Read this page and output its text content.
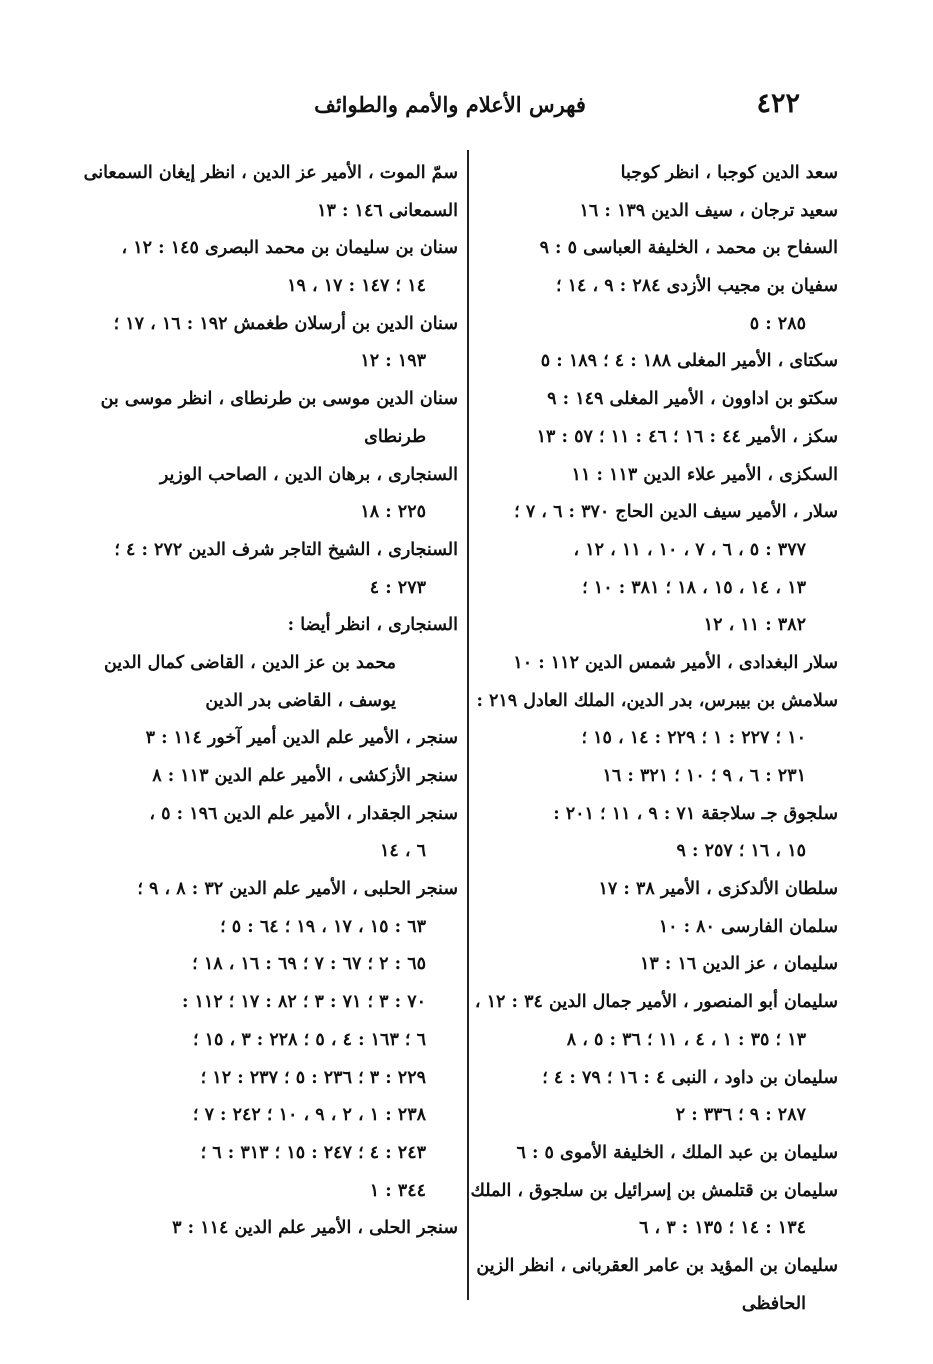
٤٢٢
فهرس الأعلام والأمم والطوائف
سعد الدين كوجبا ، انظر كوجبا
سعيد ترجان ، سيف الدين ١٣٩ : ١٦
السفاح بن محمد ، الخليفة العباسى ٥ : ٩
سفيان بن مجيب الأزدى ٢٨٤ : ٩ ، ١٤ ؛
٢٨٥ : ٥
سكتاى ، الأمير المغلى ١٨٨ : ٤ ؛ ١٨٩ : ٥
سكتو بن اداوون ، الأمير المغلى ١٤٩ : ٩
سكز ، الأمير ٤٤ : ١٦ ؛ ٤٦ : ١١ ؛ ٥٧ : ١٣
السكزى ، الأمير علاء الدين ١١٣ : ١١
سلار ، الأمير سيف الدين الحاج ٣٧٠ : ٦ ، ٧ ؛
٣٧٧ : ٥ ، ٦ ، ٧ ، ١٠ ، ١١ ، ١٢ ،
١٣ ، ١٤ ، ١٥ ، ١٨ ؛ ٣٨١ : ١٠ ؛
٣٨٢ : ١١ ، ١٢
سلار البغدادى ، الأمير شمس الدين ١١٢ : ١٠
سلامش بن بيبرس، بدر الدين، الملك العادل ٢١٩ :
١٠ ؛ ٢٢٧ : ١ ؛ ٢٢٩ : ١٤ ، ١٥ ؛
٢٣١ : ٦ ، ٩ ؛ ١٠ ؛ ٣٢١ : ١٦
سلجوق جـ سلاجقة ٧١ : ٩ ، ١١ ؛ ٢٠١ :
١٥ ، ١٦ ؛ ٢٥٧ : ٩
سلطان الألدكزى ، الأمير ٣٨ : ١٧
سلمان الفارسى ٨٠ : ١٠
سليمان ، عز الدين ١٦ : ١٣
سليمان أبو المنصور ، الأمير جمال الدين ٣٤ : ١٢ ،
١٣ ؛ ٣٥ : ١ ، ٤ ، ١١ ؛ ٣٦ : ٥ ، ٨
سليمان بن داود ، النبى ٤ : ١٦ ؛ ٧٩ : ٤ ؛
٢٨٧ : ٩ ؛ ٣٣٦ : ٢
سليمان بن عبد الملك ، الخليفة الأموى ٥ : ٦
سليمان بن قتلمش بن إسرائيل بن سلجوق ، الملك
١٣٤ : ١٤ ؛ ١٣٥ : ٣ ، ٦
سليمان بن المؤيد بن عامر العقربانى ، انظر الزين
الحافظى
سمّ الموت ، الأمير عز الدين ، انظر إيغان السمعانى
السمعانى ١٤٦ : ١٣
سنان بن سليمان بن محمد البصرى ١٤٥ : ١٢ ،
١٤ ؛ ١٤٧ : ١٧ ، ١٩
سنان الدين بن أرسلان طغمش ١٩٢ : ١٦ ، ١٧ ؛
١٩٣ : ١٢
سنان الدين موسى بن طرنطاى ، انظر موسى بن
طرنطاى
السنجارى ، برهان الدين ، الصاحب الوزير
٢٢٥ : ١٨
السنجارى ، الشيخ التاجر شرف الدين ٢٧٢ : ٤ ؛
٢٧٣ : ٤
السنجارى ، انظر أيضا :
محمد بن عز الدين ، القاضى كمال الدين
يوسف ، القاضى بدر الدين
سنجر ، الأمير علم الدين أمير آخور ١١٤ : ٣
سنجر الأزكشى ، الأمير علم الدين ١١٣ : ٨
سنجر الجقدار ، الأمير علم الدين ١٩٦ : ٥ ،
٦ ، ١٤
سنجر الحلبى ، الأمير علم الدين ٣٢ : ٨ ، ٩ ؛
٦٣ : ١٥ ، ١٧ ، ١٩ ؛ ٦٤ : ٥ ؛
٦٥ : ٢ ؛ ٦٧ : ٧ ؛ ٦٩ : ١٦ ، ١٨ ؛
٧٠ : ٣ ؛ ٧١ : ٣ ؛ ٨٢ : ١٧ ؛ ١١٢ :
٦ ؛ ١٦٣ : ٤ ، ٥ ؛ ٢٢٨ : ٣ ، ١٥ ؛
٢٢٩ : ٣ ؛ ٢٣٦ : ٥ ؛ ٢٣٧ : ١٢ ؛
٢٣٨ : ١ ، ٢ ، ٩ ، ١٠ ؛ ٢٤٢ : ٧ ؛
٢٤٣ : ٤ ؛ ٢٤٧ : ١٥ ؛ ٣١٣ : ٦ ؛
٣٤٤ : ١
سنجر الحلى ، الأمير علم الدين ١١٤ : ٣
